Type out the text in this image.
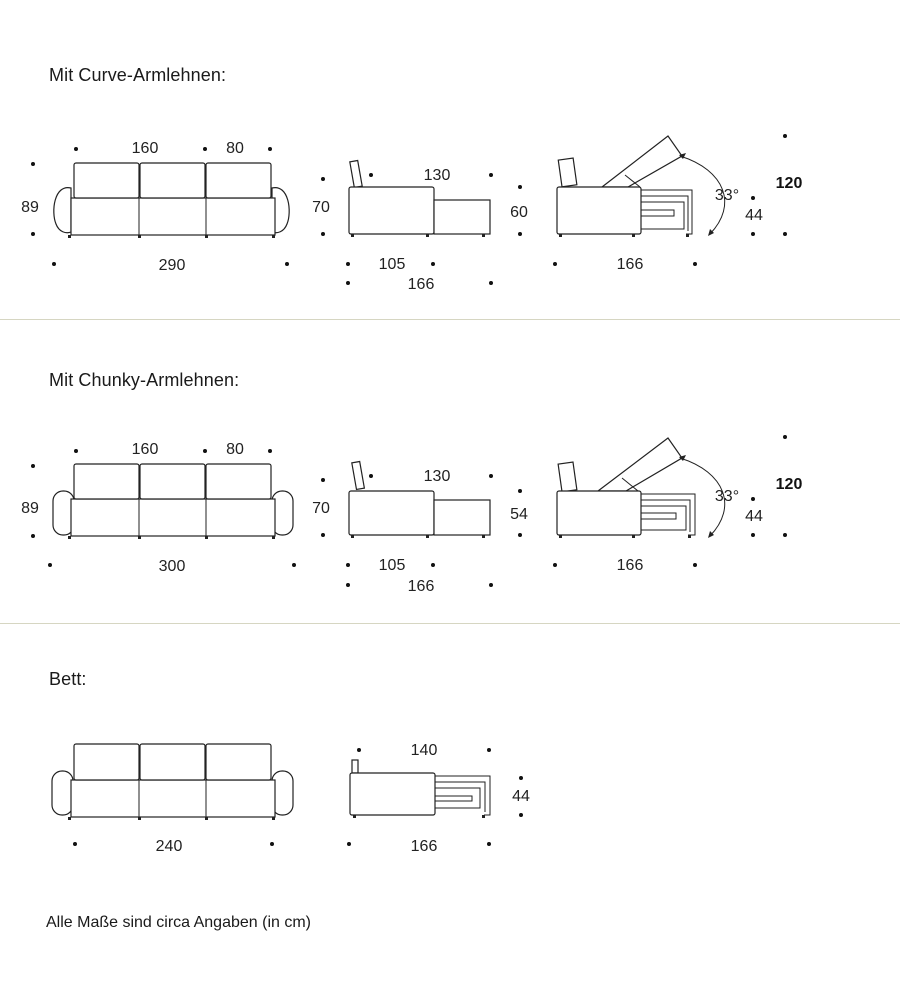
Mit Curve-Armlehnen:
Mit Chunky-Armlehnen:
Bett:
Alle Maße sind circa Angaben (in cm)
160	80
89
290
70
130
105
166
60
33°
44
120
166
160	80
89
300
70
130
105
166
54
33°
44
120
166
240
140
44
166
